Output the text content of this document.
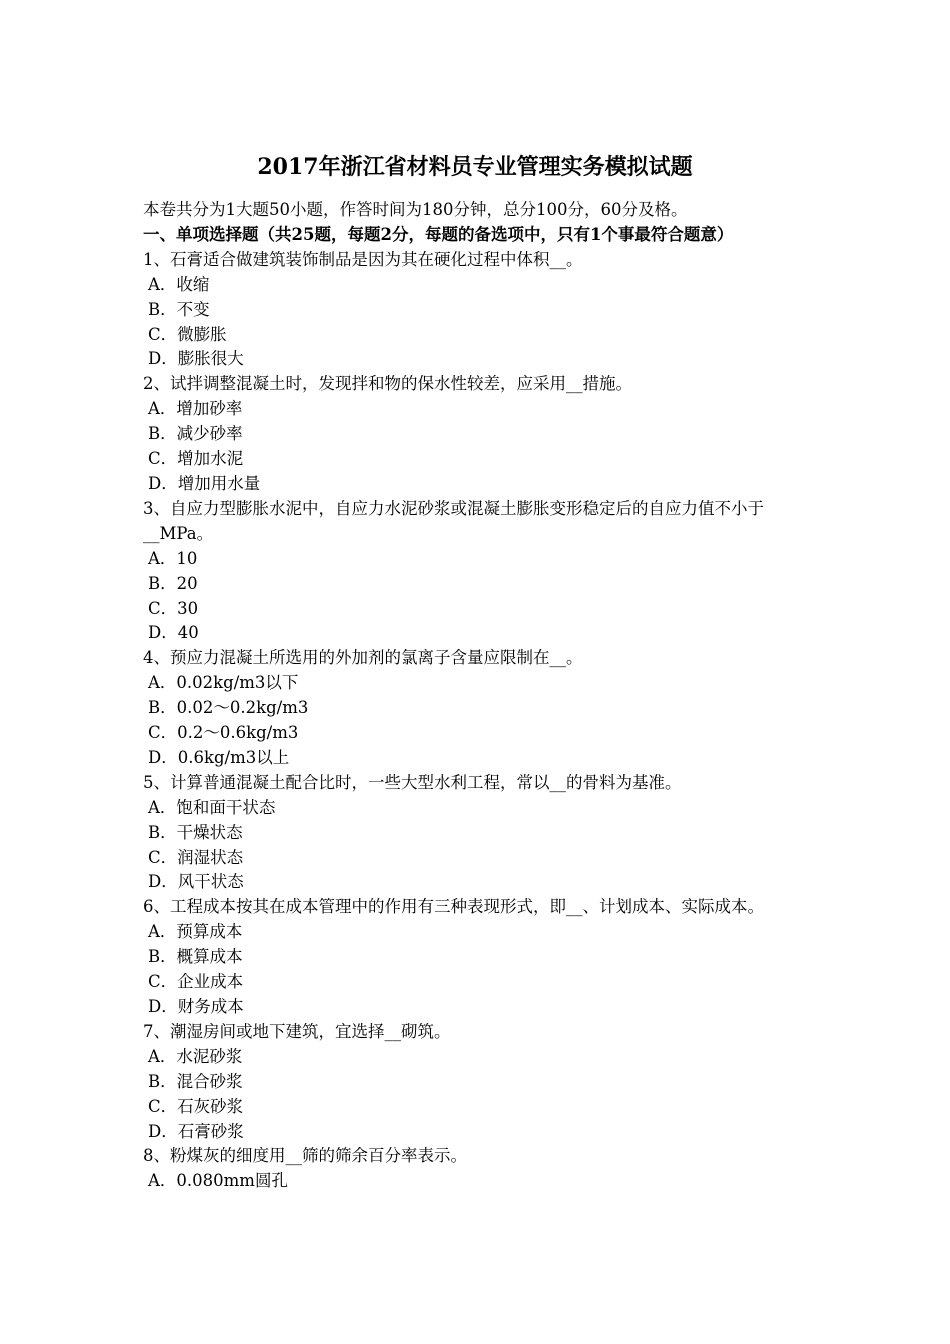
2017年浙江省材料员专业管理实务模拟试题

本卷共分为1大题50小题，作答时间为180分钟，总分100分，60分及格。

一、单项选择题（共25题，每题2分，每题的备选项中，只有1个事最符合题意）

1、石膏适合做建筑装饰制品是因为其在硬化过程中体积__。

A．收缩

B．不变

C．微膨胀

D．膨胀很大

2、试拌调整混凝土时，发现拌和物的保水性较差，应采用__措施。

A．增加砂率

B．减少砂率

C．增加水泥

D．增加用水量

3、自应力型膨胀水泥中，自应力水泥砂浆或混凝土膨胀变形稳定后的自应力值不小于__MPa。

A．10

B．20

C．30

D．40

4、预应力混凝土所选用的外加剂的氯离子含量应限制在__。

A．0.02kg/m3以下

B．0.02～0.2kg/m3

C．0.2～0.6kg/m3

D．0.6kg/m3以上

5、计算普通混凝土配合比时，一些大型水利工程，常以__的骨料为基准。

A．饱和面干状态

B．干燥状态

C．润湿状态

D．风干状态

6、工程成本按其在成本管理中的作用有三种表现形式，即__、计划成本、实际成本。

A．预算成本

B．概算成本

C．企业成本

D．财务成本

7、潮湿房间或地下建筑，宜选择__砌筑。

A．水泥砂浆

B．混合砂浆

C．石灰砂浆

D．石膏砂浆

8、粉煤灰的细度用__筛的筛余百分率表示。

A．0.080mm圆孔
